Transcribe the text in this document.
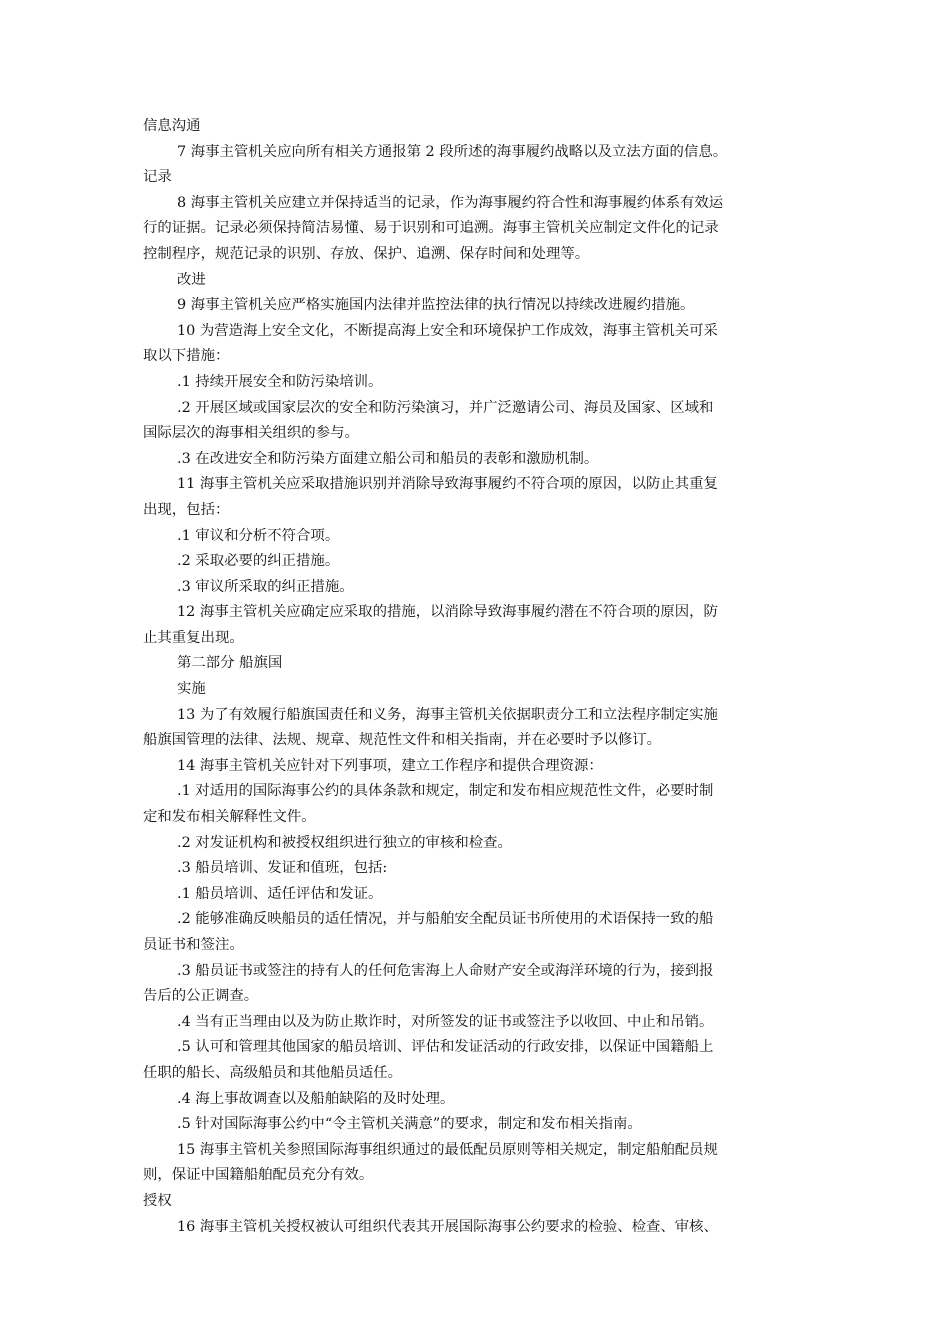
信息沟通
7 海事主管机关应向所有相关方通报第 2 段所述的海事履约战略以及立法方面的信息。
记录
8 海事主管机关应建立并保持适当的记录，作为海事履约符合性和海事履约体系有效运
行的证据。记录必须保持简洁易懂、易于识别和可追溯。海事主管机关应制定文件化的记录
控制程序，规范记录的识别、存放、保护、追溯、保存时间和处理等。
改进
9 海事主管机关应严格实施国内法律并监控法律的执行情况以持续改进履约措施。
10 为营造海上安全文化，不断提高海上安全和环境保护工作成效，海事主管机关可采
取以下措施：
.1 持续开展安全和防污染培训。
.2 开展区域或国家层次的安全和防污染演习，并广泛邀请公司、海员及国家、区域和
国际层次的海事相关组织的参与。
.3 在改进安全和防污染方面建立船公司和船员的表彰和激励机制。
11 海事主管机关应采取措施识别并消除导致海事履约不符合项的原因，以防止其重复
出现，包括：
.1 审议和分析不符合项。
.2 采取必要的纠正措施。
.3 审议所采取的纠正措施。
12 海事主管机关应确定应采取的措施，以消除导致海事履约潜在不符合项的原因，防
止其重复出现。
第二部分 船旗国
实施
13 为了有效履行船旗国责任和义务，海事主管机关依据职责分工和立法程序制定实施
船旗国管理的法律、法规、规章、规范性文件和相关指南，并在必要时予以修订。
14 海事主管机关应针对下列事项，建立工作程序和提供合理资源：
.1 对适用的国际海事公约的具体条款和规定，制定和发布相应规范性文件，必要时制
定和发布相关解释性文件。
.2 对发证机构和被授权组织进行独立的审核和检查。
.3 船员培训、发证和值班，包括:
.1 船员培训、适任评估和发证。
.2 能够准确反映船员的适任情况，并与船舶安全配员证书所使用的术语保持一致的船
员证书和签注。
.3 船员证书或签注的持有人的任何危害海上人命财产安全或海洋环境的行为，接到报
告后的公正调查。
.4 当有正当理由以及为防止欺诈时，对所签发的证书或签注予以收回、中止和吊销。
.5 认可和管理其他国家的船员培训、评估和发证活动的行政安排，以保证中国籍船上
任职的船长、高级船员和其他船员适任。
.4 海上事故调查以及船舶缺陷的及时处理。
.5 针对国际海事公约中“令主管机关满意”的要求，制定和发布相关指南。
15 海事主管机关参照国际海事组织通过的最低配员原则等相关规定，制定船舶配员规
则，保证中国籍船舶配员充分有效。
授权
16 海事主管机关授权被认可组织代表其开展国际海事公约要求的检验、检查、审核、
